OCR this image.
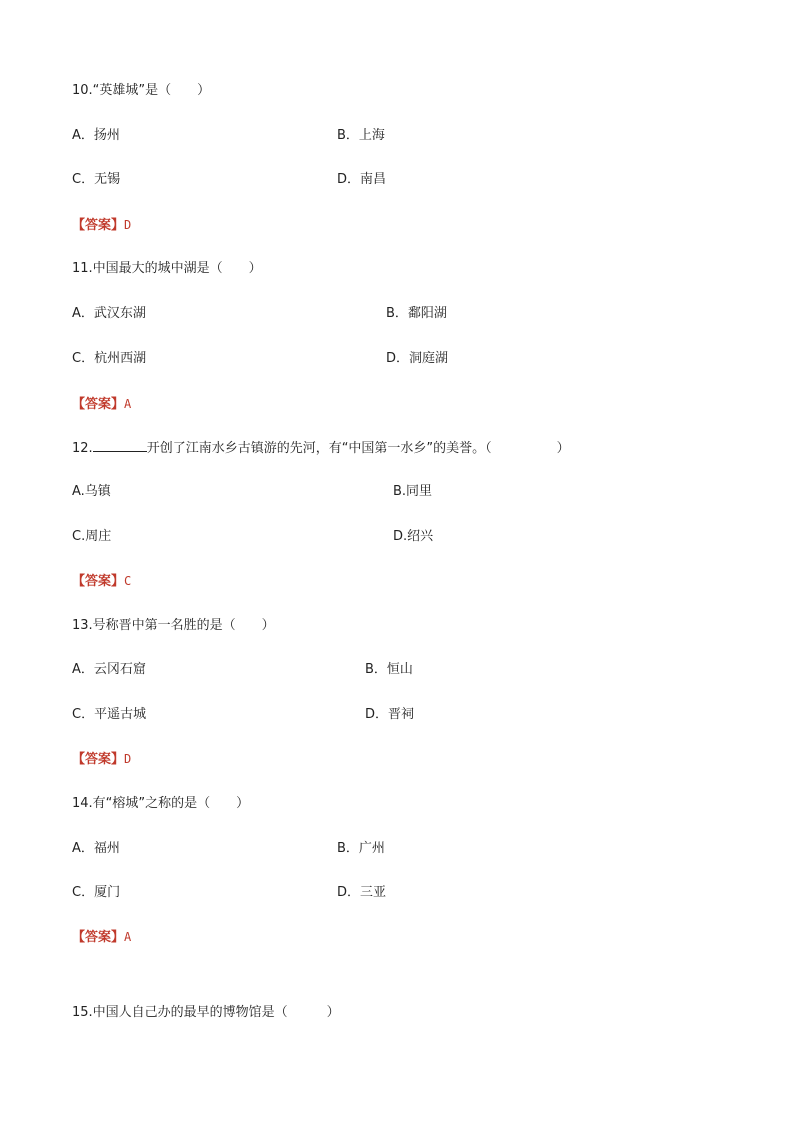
10.“英雄城”是（　　）
A．扬州	B．上海
C．无锡	D．南昌
【答案】D
11.中国最大的城中湖是（　　）
A．武汉东湖	B．鄱阳湖
C．杭州西湖	D．洞庭湖
【答案】A
12.	开创了江南水乡古镇游的先河，有“中国第一水乡”的美誉。（　　　　　）
A.乌镇	B.同里
C.周庄	D.绍兴
【答案】C
13.号称晋中第一名胜的是（　　）
A．云冈石窟	B．恒山
C．平遥古城	D．晋祠
【答案】D
14.有“榕城”之称的是（　　）
A．福州	B．广州
C．厦门	D．三亚
【答案】A
15.中国人自己办的最早的博物馆是（　　　）
